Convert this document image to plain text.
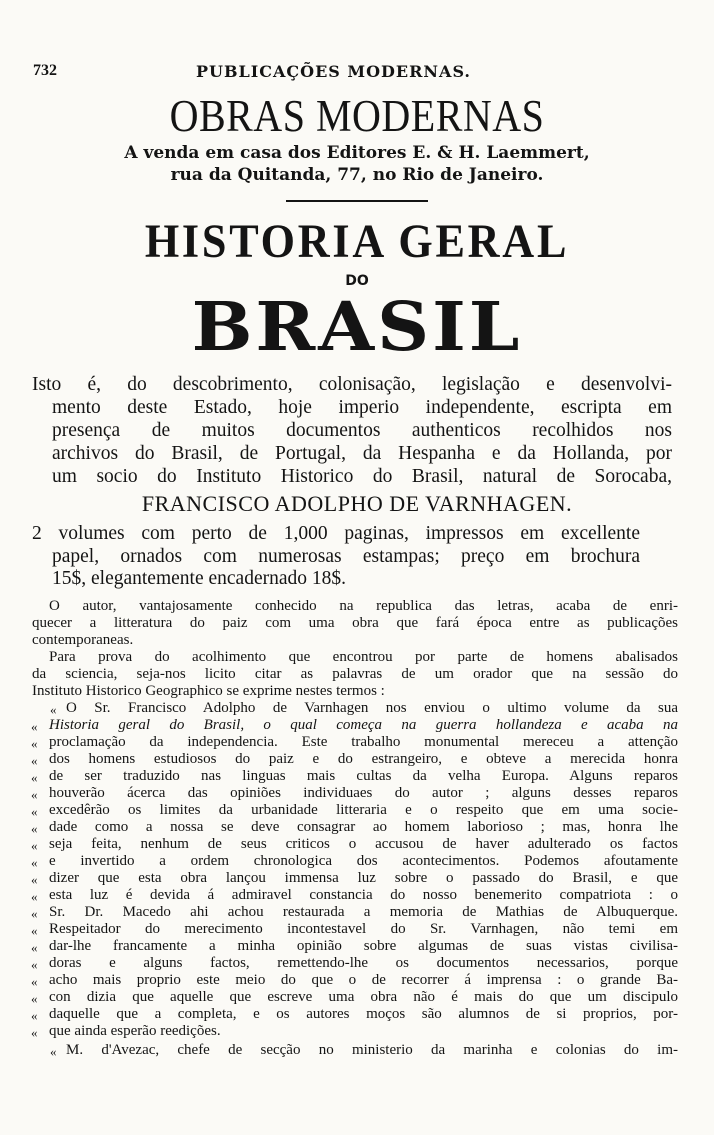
732	PUBLICAÇÕES MODERNAS.
OBRAS MODERNAS
A venda em casa dos Editores E. & H. Laemmert,
rua da Quitanda, 77, no Rio de Janeiro.
HISTORIA GERAL
DO
BRASIL
Isto é, do descobrimento, colonisação, legislação e desenvolvi-
mento deste Estado, hoje imperio independente, escripta em
presença de muitos documentos authenticos recolhidos nos
archivos do Brasil, de Portugal, da Hespanha e da Hollanda, por
um socio do Instituto Historico do Brasil, natural de Sorocaba,
FRANCISCO ADOLPHO DE VARNHAGEN.
2 volumes com perto de 1,000 paginas, impressos em excellente
papel, ornados com numerosas estampas; preço em brochura
15$, elegantemente encadernado 18$.
O autor, vantajosamente conhecido na republica das letras, acaba de enri-
quecer a litteratura do paiz com uma obra que fará época entre as publicações
contemporaneas.
Para prova do acolhimento que encontrou por parte de homens abalisados
da sciencia, seja-nos licito citar as palavras de um orador que na sessão do
Instituto Historico Geographico se exprime nestes termos :
« O Sr. Francisco Adolpho de Varnhagen nos enviou o ultimo volume da sua
« Historia geral do Brasil, o qual começa na guerra hollandeza e acaba na
« proclamação da independencia. Este trabalho monumental mereceu a attenção
« dos homens estudiosos do paiz e do estrangeiro, e obteve a merecida honra
« de ser traduzido nas linguas mais cultas da velha Europa. Alguns reparos
« houverão ácerca das opiniões individuaes do autor ; alguns desses reparos
« excedêrão os limites da urbanidade litteraria e o respeito que em uma socie-
« dade como a nossa se deve consagrar ao homem laborioso ; mas, honra lhe
« seja feita, nenhum de seus criticos o accusou de haver adulterado os factos
« e invertido a ordem chronologica dos acontecimentos. Podemos afoutamente
« dizer que esta obra lançou immensa luz sobre o passado do Brasil, e que
« esta luz é devida á admiravel constancia do nosso benemerito compatriota : o
« Sr. Dr. Macedo ahi achou restaurada a memoria de Mathias de Albuquerque.
« Respeitador do merecimento incontestavel do Sr. Varnhagen, não temi em
« dar-lhe francamente a minha opinião sobre algumas de suas vistas civilisa-
« doras e alguns factos, remettendo-lhe os documentos necessarios, porque
« acho mais proprio este meio do que o de recorrer á imprensa : o grande Ba-
« con dizia que aquelle que escreve uma obra não é mais do que um discipulo
« daquelle que a completa, e os autores moços são alumnos de si proprios, por-
« que ainda esperão reedições.
« M. d'Avezac, chefe de secção no ministerio da marinha e colonias do im-
